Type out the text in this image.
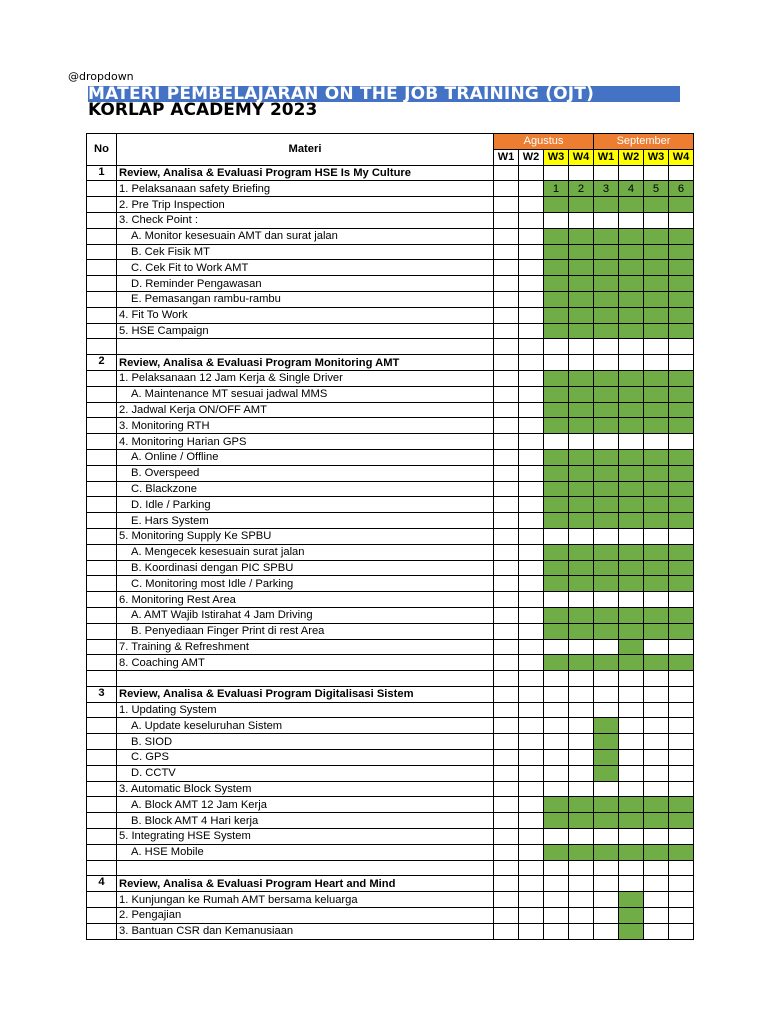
@dropdown
MATERI PEMBELAJARAN ON THE JOB TRAINING (OJT)
KORLAP ACADEMY 2023
No	Materi	Agustus				September			
		W1	W2	W3	W4	W1	W2	W3	W4
1	Review, Analisa & Evaluasi Program HSE Is My Culture								
	1. Pelaksanaan safety Briefing			1	2	3	4	5	6
	2. Pre Trip Inspection								
	3. Check Point :								
	A. Monitor kesesuain AMT dan surat jalan								
	B. Cek Fisik MT								
	C. Cek Fit to Work AMT								
	D. Reminder Pengawasan								
	E. Pemasangan rambu-rambu								
	4. Fit To Work								
	5. HSE Campaign								

2	Review, Analisa & Evaluasi Program Monitoring AMT								
	1. Pelaksanaan 12 Jam Kerja & Single Driver								
	A. Maintenance MT sesuai jadwal MMS								
	2. Jadwal Kerja ON/OFF AMT								
	3. Monitoring RTH								
	4. Monitoring Harian GPS								
	A. Online / Offline								
	B. Overspeed								
	C. Blackzone								
	D. Idle / Parking								
	E. Hars System								
	5. Monitoring Supply Ke SPBU								
	A. Mengecek kesesuain surat jalan								
	B. Koordinasi dengan PIC SPBU								
	C. Monitoring most Idle / Parking								
	6. Monitoring Rest Area								
	A. AMT Wajib Istirahat 4 Jam Driving								
	B. Penyediaan Finger Print di rest Area								
	7. Training & Refreshment								
	8. Coaching AMT								

3	Review, Analisa & Evaluasi Program Digitalisasi Sistem								
	1. Updating System								
	A. Update keseluruhan Sistem								
	B. SIOD								
	C. GPS								
	D. CCTV								
	3. Automatic Block System								
	A. Block AMT 12 Jam Kerja								
	B. Block AMT 4 Hari kerja								
	5. Integrating HSE System								
	A. HSE Mobile								

4	Review, Analisa & Evaluasi Program Heart and Mind								
	1. Kunjungan ke Rumah AMT bersama keluarga								
	2. Pengajian								
	3. Bantuan CSR dan Kemanusiaan								
